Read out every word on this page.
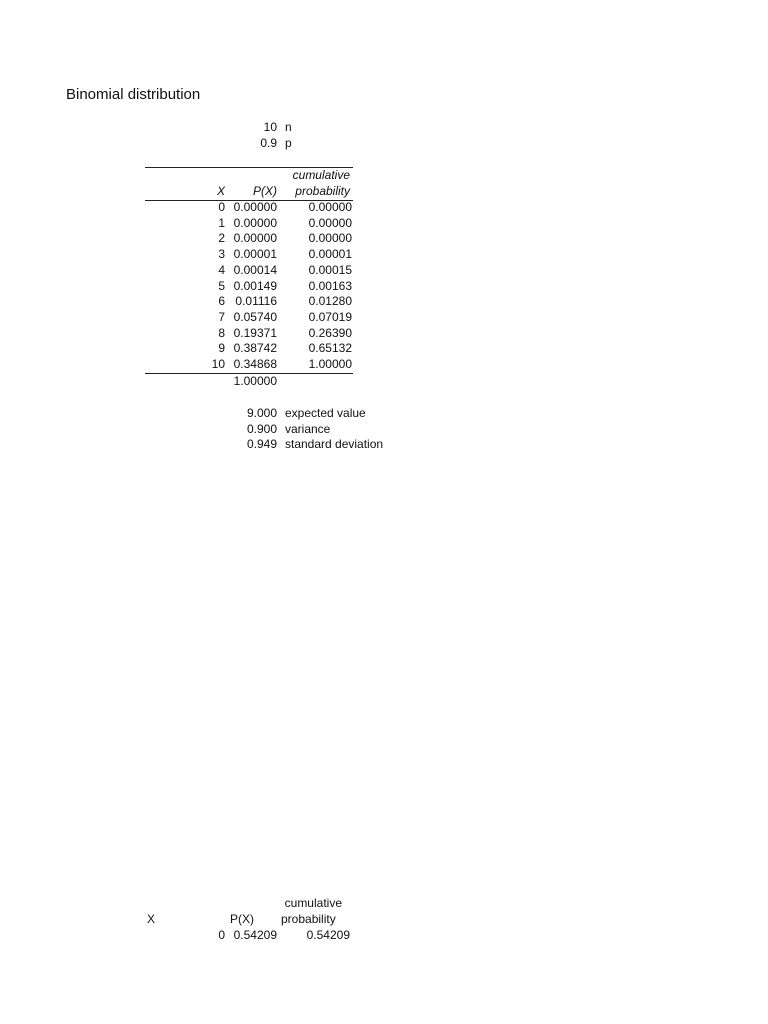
Binomial distribution
10 n
0.9 p
cumulative
X	P(X)	probability
0 0.00000	0.00000
1 0.00000	0.00000
2 0.00000	0.00000
3 0.00001	0.00001
4 0.00014	0.00015
5 0.00149	0.00163
6 0.01116	0.01280
7 0.05740	0.07019
8 0.19371	0.26390
9 0.38742	0.65132
10 0.34868	1.00000
1.00000
9.000 expected value
0.900 variance
0.949 standard deviation
cumulative
X	P(X) probability
0 0.54209	0.54209
